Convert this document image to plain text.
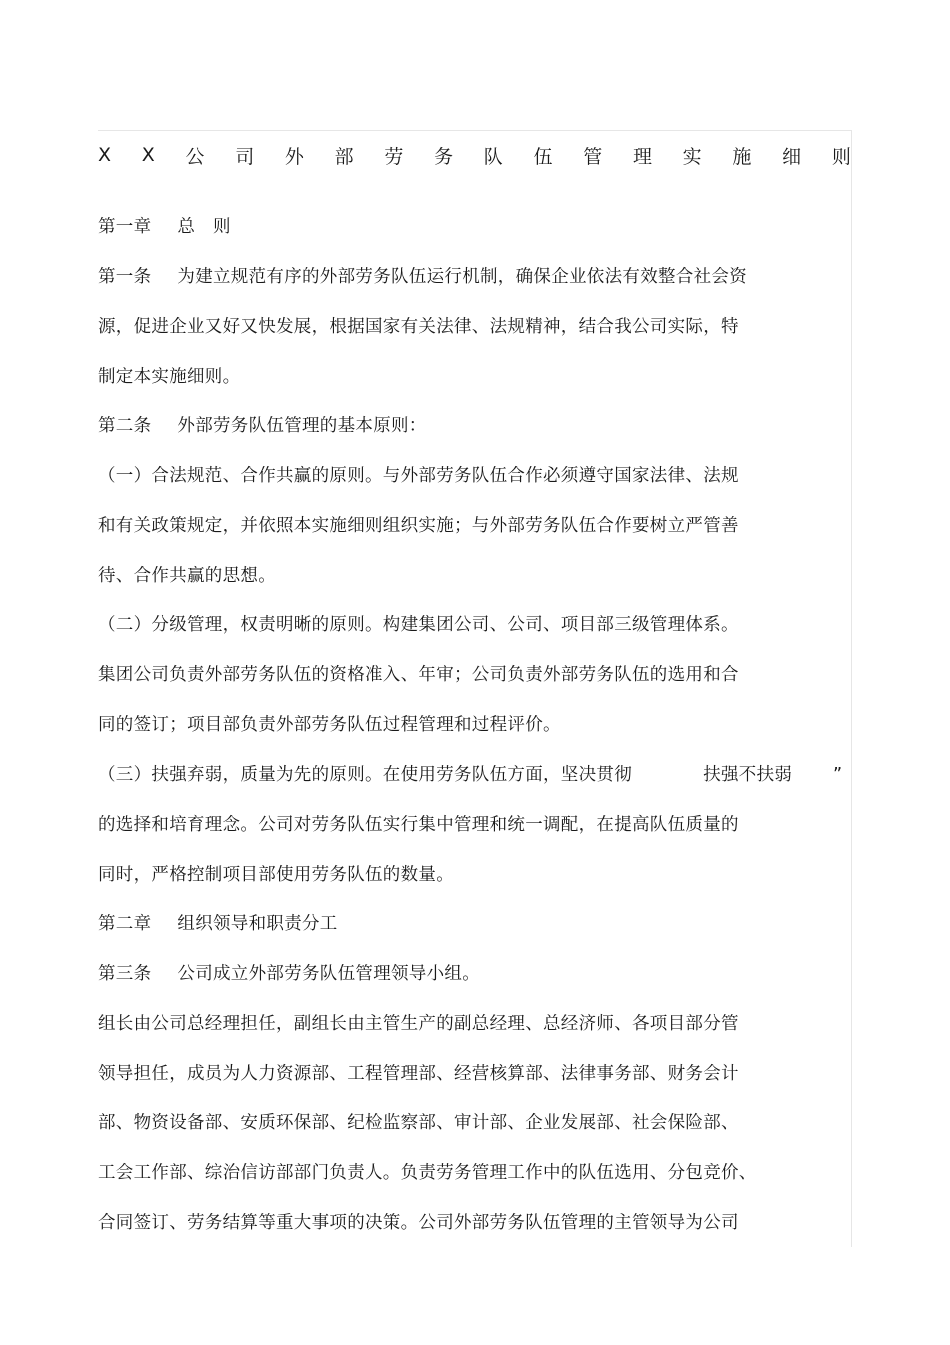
X X 公 司 外 部 劳 务 队 伍 管 理 实 施 细 则
第一章 总　则
第一条 为建立规范有序的外部劳务队伍运行机制，确保企业依法有效整合社会资
源，促进企业又好又快发展，根据国家有关法律、法规精神，结合我公司实际，特
制定本实施细则。
第二条 外部劳务队伍管理的基本原则：
（一）合法规范、合作共赢的原则。与外部劳务队伍合作必须遵守国家法律、法规
和有关政策规定，并依照本实施细则组织实施；与外部劳务队伍合作要树立严管善
待、合作共赢的思想。
（二）分级管理，权责明晰的原则。构建集团公司、公司、项目部三级管理体系。
集团公司负责外部劳务队伍的资格准入、年审；公司负责外部劳务队伍的选用和合
同的签订；项目部负责外部劳务队伍过程管理和过程评价。
（三）扶强弃弱，质量为先的原则。在使用劳务队伍方面，坚决贯彻　　　　扶强不扶弱
的选择和培育理念。公司对劳务队伍实行集中管理和统一调配，在提高队伍质量的
同时，严格控制项目部使用劳务队伍的数量。
第二章 组织领导和职责分工
第三条 公司成立外部劳务队伍管理领导小组。
组长由公司总经理担任，副组长由主管生产的副总经理、总经济师、各项目部分管
领导担任，成员为人力资源部、工程管理部、经营核算部、法律事务部、财务会计
部、物资设备部、安质环保部、纪检监察部、审计部、企业发展部、社会保险部、
工会工作部、综治信访部部门负责人。负责劳务管理工作中的队伍选用、分包竞价、
合同签订、劳务结算等重大事项的决策。公司外部劳务队伍管理的主管领导为公司
”
